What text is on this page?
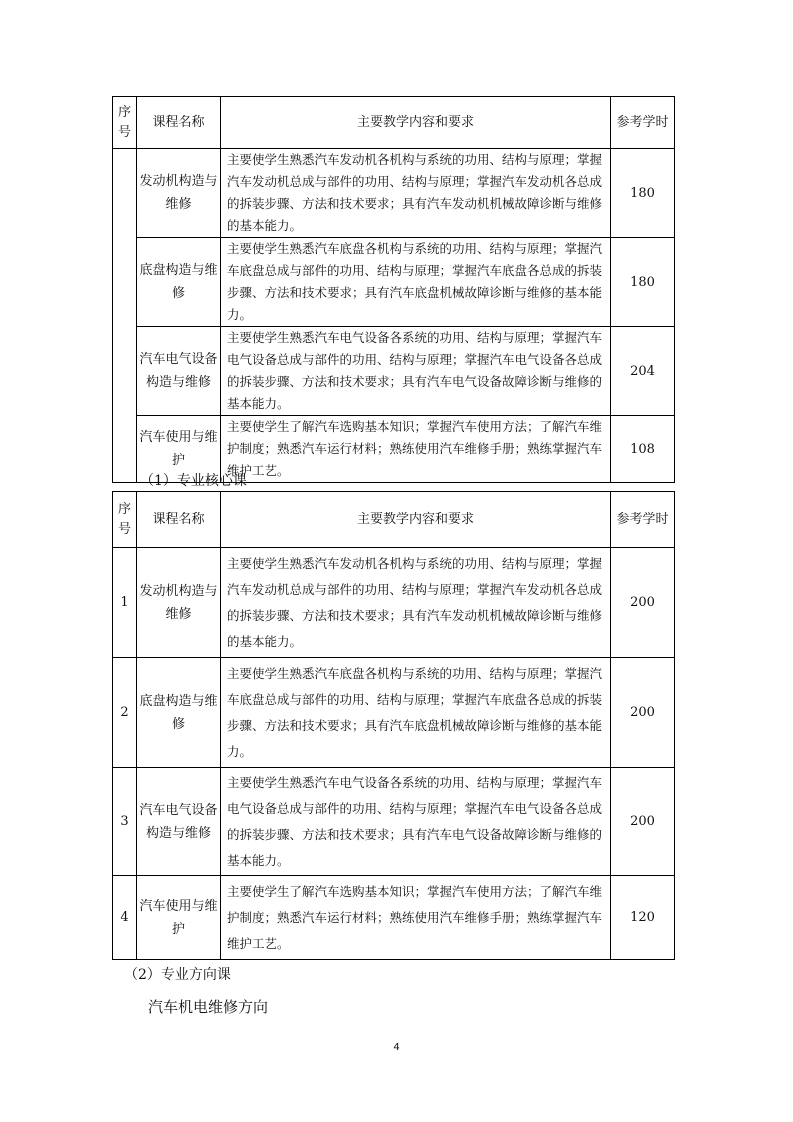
序号	课程名称	主要教学内容和要求	参考学时
	发动机构造与维修	主要使学生熟悉汽车发动机各机构与系统的功用、结构与原理；掌握汽车发动机总成与部件的功用、结构与原理；掌握汽车发动机各总成的拆装步骤、方法和技术要求；具有汽车发动机机械故障诊断与维修的基本能力。	180
	底盘构造与维修	主要使学生熟悉汽车底盘各机构与系统的功用、结构与原理；掌握汽车底盘总成与部件的功用、结构与原理；掌握汽车底盘各总成的拆装步骤、方法和技术要求；具有汽车底盘机械故障诊断与维修的基本能力。	180
	汽车电气设备构造与维修	主要使学生熟悉汽车电气设备各系统的功用、结构与原理；掌握汽车电气设备总成与部件的功用、结构与原理；掌握汽车电气设备各总成的拆装步骤、方法和技术要求；具有汽车电气设备故障诊断与维修的基本能力。	204
	汽车使用与维护	主要使学生了解汽车选购基本知识；掌握汽车使用方法；了解汽车维护制度；熟悉汽车运行材料；熟练使用汽车维修手册；熟练掌握汽车维护工艺。	108
（1）专业核心课
序号	课程名称	主要教学内容和要求	参考学时
1	发动机构造与维修	主要使学生熟悉汽车发动机各机构与系统的功用、结构与原理；掌握汽车发动机总成与部件的功用、结构与原理；掌握汽车发动机各总成的拆装步骤、方法和技术要求；具有汽车发动机机械故障诊断与维修的基本能力。	200
2	底盘构造与维修	主要使学生熟悉汽车底盘各机构与系统的功用、结构与原理；掌握汽车底盘总成与部件的功用、结构与原理；掌握汽车底盘各总成的拆装步骤、方法和技术要求；具有汽车底盘机械故障诊断与维修的基本能力。	200
3	汽车电气设备构造与维修	主要使学生熟悉汽车电气设备各系统的功用、结构与原理；掌握汽车电气设备总成与部件的功用、结构与原理；掌握汽车电气设备各总成的拆装步骤、方法和技术要求；具有汽车电气设备故障诊断与维修的基本能力。	200
4	汽车使用与维护	主要使学生了解汽车选购基本知识；掌握汽车使用方法；了解汽车维护制度；熟悉汽车运行材料；熟练使用汽车维修手册；熟练掌握汽车维护工艺。	120
（2）专业方向课
汽车机电维修方向
4
